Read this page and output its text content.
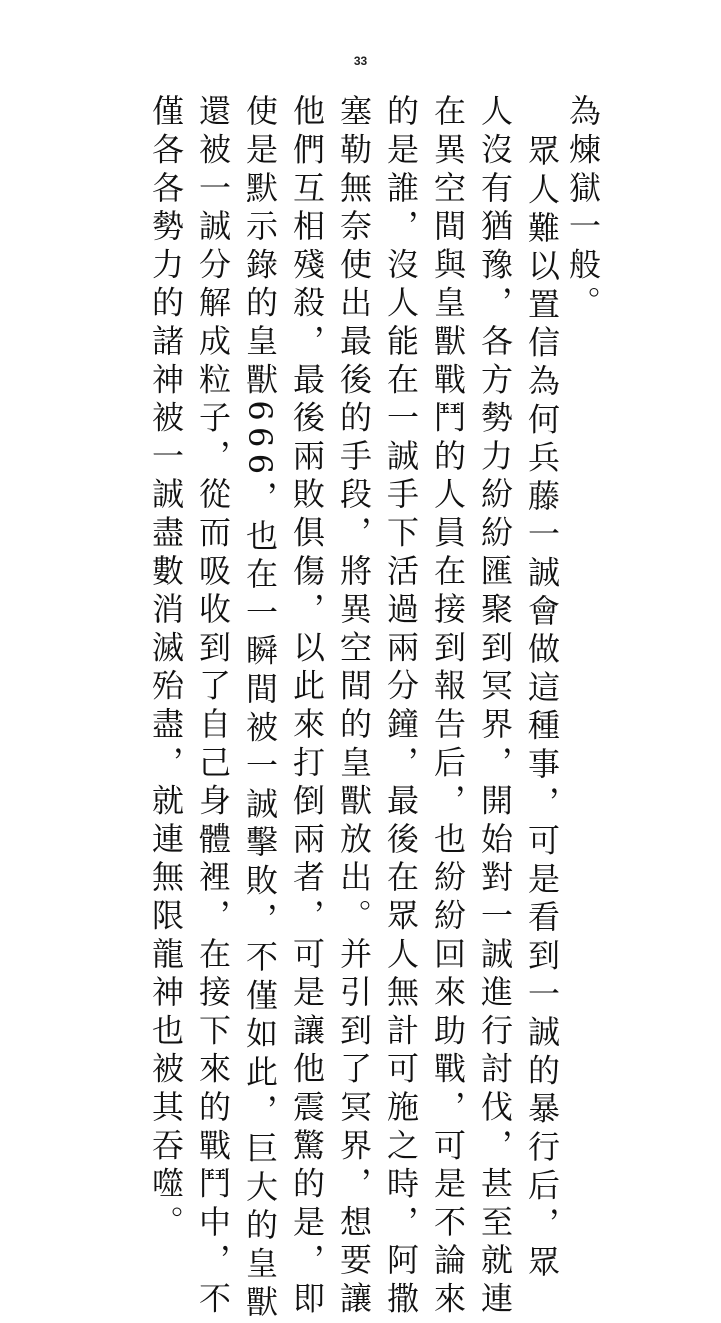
33
為煉獄一般。
眾人難以置信為何兵藤一誠會做這種事，可是看到一誠的暴行后，眾
人沒有猶豫，各方勢力紛紛匯聚到冥界，開始對一誠進行討伐，甚至就連
在異空間與皇獸戰鬥的人員在接到報告后，也紛紛回來助戰，可是不論來
的是誰，沒人能在一誠手下活過兩分鐘，最後在眾人無計可施之時，阿撒
塞勒無奈使出最後的手段，將異空間的皇獸放出。并引到了冥界，想要讓
他們互相殘殺，最後兩敗俱傷，以此來打倒兩者，可是讓他震驚的是，即
使是默示錄的皇獸666，也在一瞬間被一誠擊敗，不僅如此，巨大的皇獸
還被一誠分解成粒子，從而吸收到了自己身體裡，在接下來的戰鬥中，不
僅各各勢力的諸神被一誠盡數消滅殆盡，就連無限龍神也被其吞噬。
